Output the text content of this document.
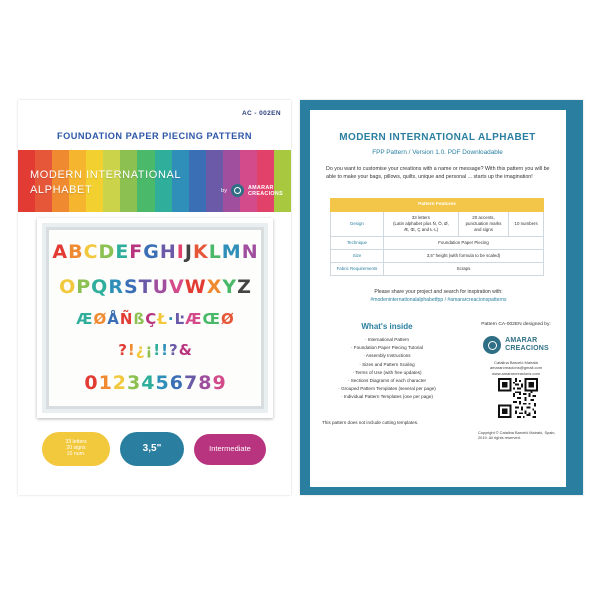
AC - 002EN
FOUNDATION PAPER PIECING PATTERN
MODERN INTERNATIONAL
ALPHABET	by	AMARAR
CREACIONS
A B C D E F G H I J K L M N
O P Q R S T U V W X Y Z
Æ Ø Å Ñ ß Ç Ł · Ŀ Æ Œ Ø
? ! ¿ ¡ ! ! ? &
0 1 2 3 4 5 6 7 8 9
33 letters
20 signs
10 num.	3,5"	Intermediate
MODERN INTERNATIONAL ALPHABET
FPP Pattern / Version 1.0. PDF Downloadable
Do you want to customise your creations with a name or message? With this pattern you will be able to make your bags, pillows, quilts, unique and personal ... starts up the imagination!
Pattern Features			
Design	33 letters
(Latin alphabet plus Ñ, Ö, Ø,
Æ, Œ, Ç and Ł·L)	20 accents,
punctuation marks
and signs	10 numbers
Technique	Foundation Paper Piecing		
Size	3,5" height (with formula to be scaled)		
Fabric Requirements	Scraps		
Please share your project and search for inspiration with:
#modeninternationalalphabetfpp / #amararcreacionspatterns
What's inside
· International Pattern
· Foundation Paper Piecing Tutorial
· Assembly Instructions
· Sizes and Pattern Scaling
· Terms of Use (with free updates)
· Sections Diagrams of each character
· Grouped Pattern Templates (several per page)
· Individual Pattern Templates (one per page)
This pattern does not include cutting templates.
Pattern CA-002EN designed by:
AMARAR
CREACIONS
Catalina Barceló Mairatá
amararcreacions@gmail.com
www.amararcreacions.com
Copyright © Catalina Barceló Mairató, Spain, 2019. All rights reserved.
